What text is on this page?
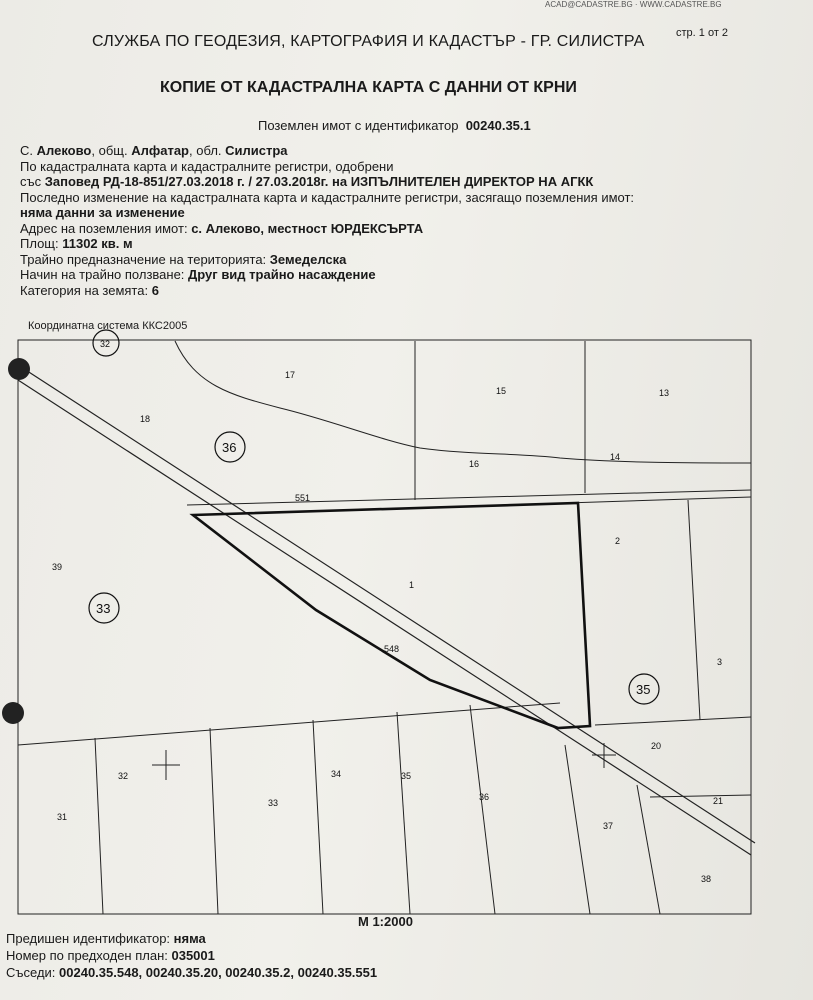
ACAD@CADASTRE.BG · WWW.CADASTRE.BG
стр. 1 от 2
СЛУЖБА ПО ГЕОДЕЗИЯ, КАРТОГРАФИЯ И КАДАСТЪР - ГР. СИЛИСТРА
КОПИЕ ОТ КАДАСТРАЛНА КАРТА С ДАННИ ОТ КРНИ
Поземлен имот с идентификатор 00240.35.1
С. Алеково, общ. Алфатар, обл. Силистра
По кадастралната карта и кадастралните регистри, одобрени
със Заповед РД-18-851/27.03.2018 г. / 27.03.2018г. на ИЗПЪЛНИТЕЛЕН ДИРЕКТОР НА АГКК
Последно изменение на кадастралната карта и кадастралните регистри, засягащо поземления имот:
няма данни за изменение
Адрес на поземления имот: с. Алеково, местност ЮРДЕКСЪРТА
Площ: 11302 кв. м
Трайно предназначение на територията: Земеделска
Начин на трайно ползване: Друг вид трайно насаждение
Категория на земята: 6
Координатна система ККС2005
36
33
35
32
17
15	13
18
16
14
551
2
39
1
548
3
20
32	34	35
36
33	21
31
37
38
М 1:2000
Предишен идентификатор: няма
Номер по предходен план: 035001
Съседи: 00240.35.548, 00240.35.20, 00240.35.2, 00240.35.551
